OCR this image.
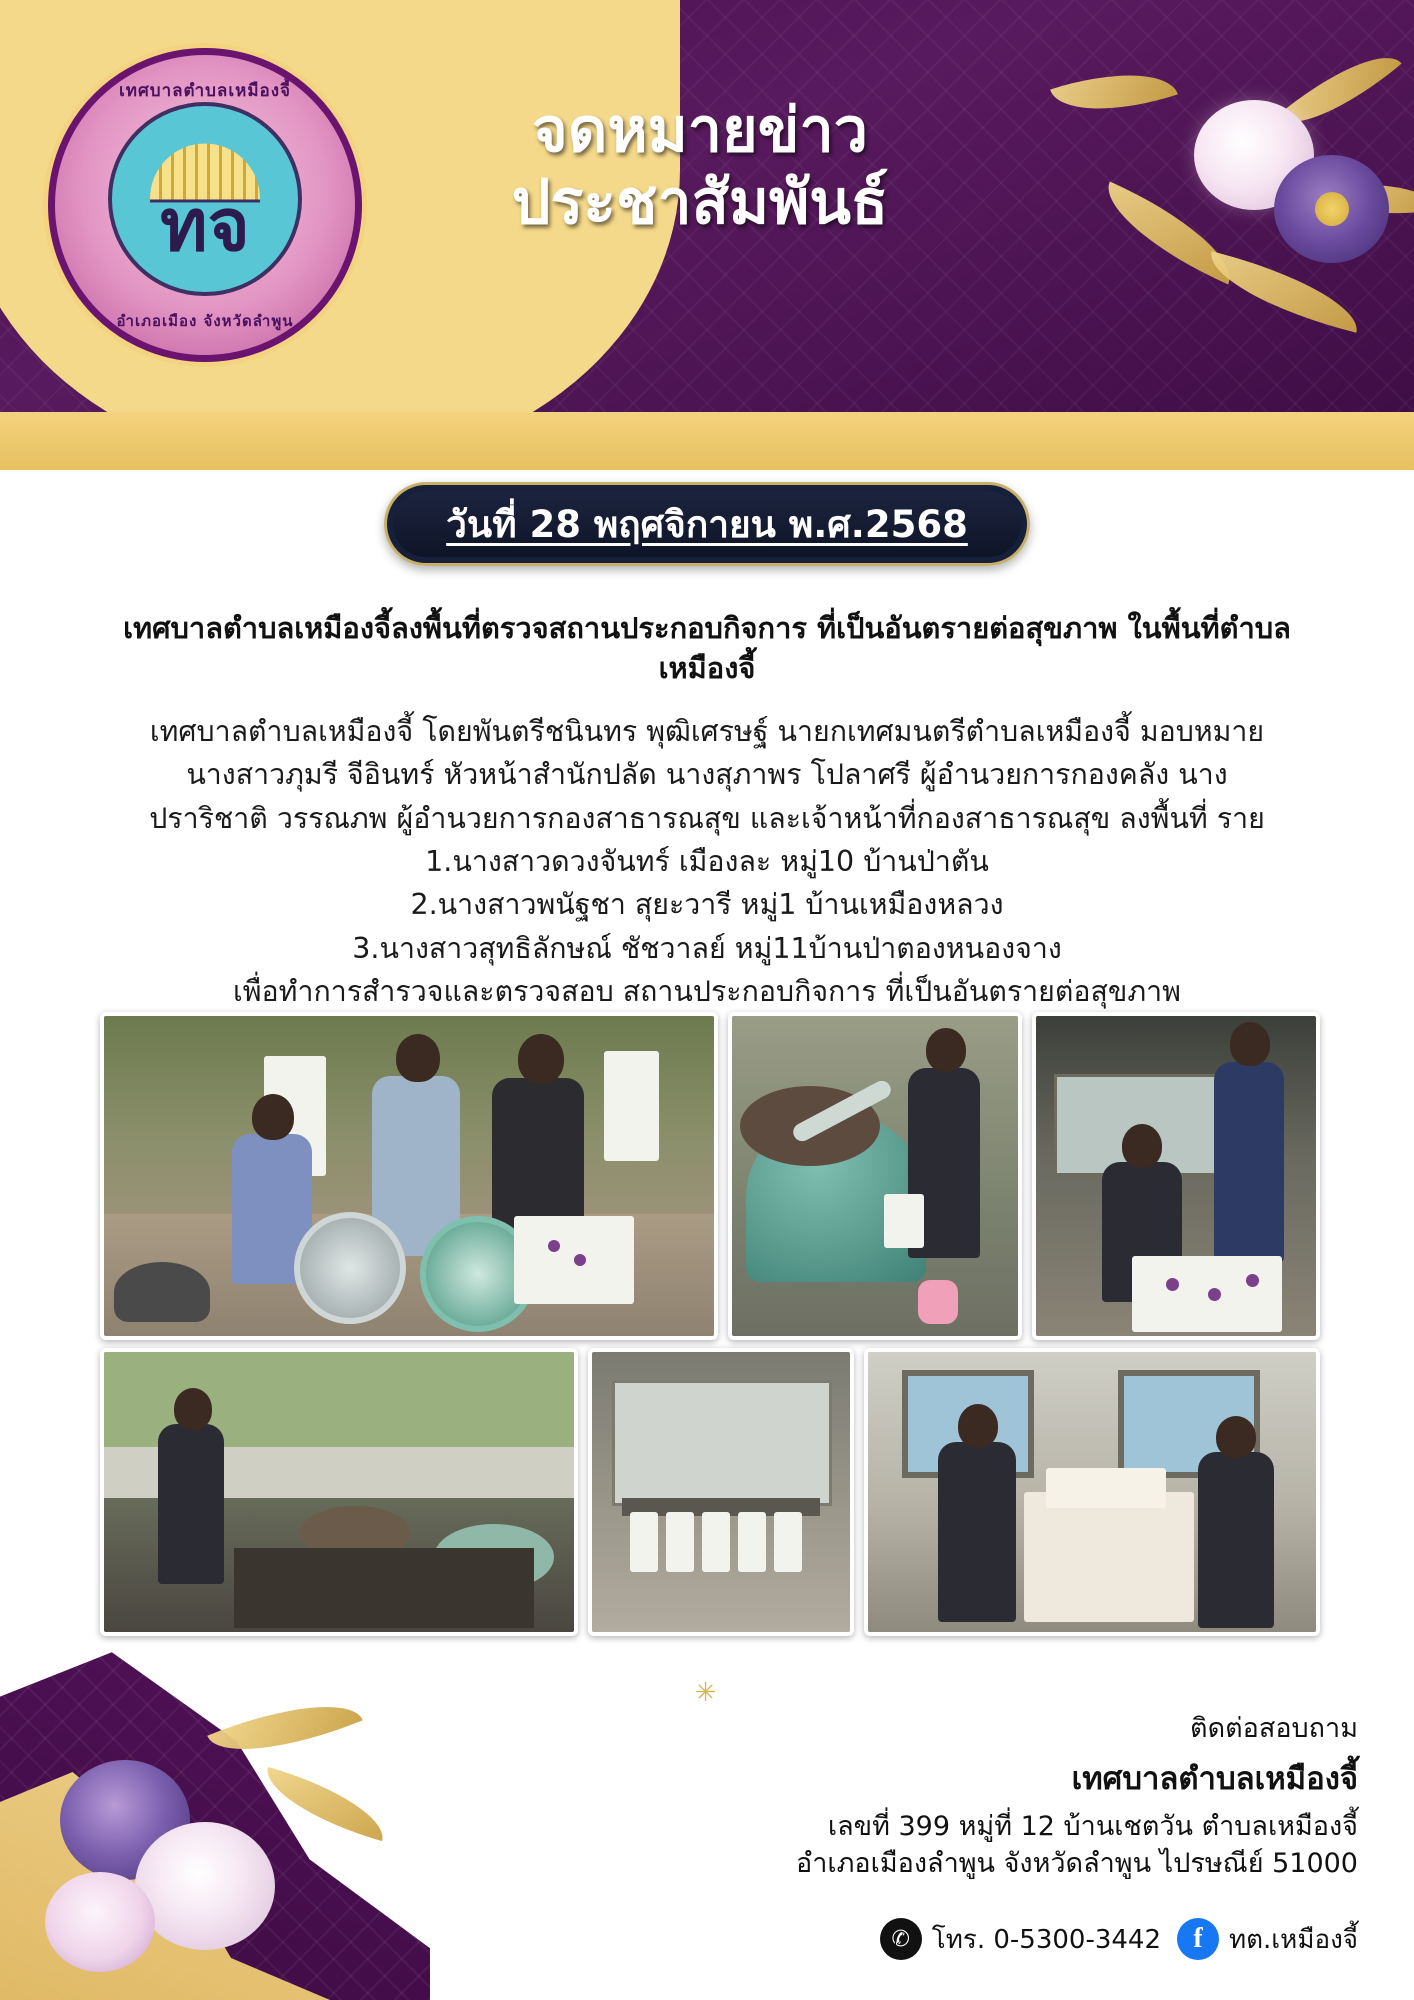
เทศบาลตำบลเหมืองจี้
ทจ
อำเภอเมือง จังหวัดลำพูน
จดหมายข่าว
ประชาสัมพันธ์
วันที่ 28 พฤศจิกายน พ.ศ.2568
เทศบาลตำบลเหมืองจี้ลงพื้นที่ตรวจสถานประกอบกิจการ ที่เป็นอันตรายต่อสุขภาพ ในพื้นที่ตำบลเหมืองจี้

เทศบาลตำบลเหมืองจี้ โดยพันตรีชนินทร พุฒิเศรษฐ์ นายกเทศมนตรีตำบลเหมืองจี้ มอบหมาย

นางสาวภุมรี จีอินทร์ หัวหน้าสำนักปลัด นางสุภาพร โปลาศรี ผู้อำนวยการกองคลัง นาง

ปราริชาติ วรรณภพ ผู้อำนวยการกองสาธารณสุข และเจ้าหน้าที่กองสาธารณสุข ลงพื้นที่ ราย

1.นางสาวดวงจันทร์ เมืองละ หมู่10 บ้านป่าตัน

2.นางสาวพนัฐชา สุยะวารี หมู่1 บ้านเหมืองหลวง

3.นางสาวสุทธิลักษณ์ ชัชวาลย์ หมู่11บ้านป่าตองหนองจาง

เพื่อทำการสำรวจและตรวจสอบ สถานประกอบกิจการ ที่เป็นอันตรายต่อสุขภาพ

✳
ติดต่อสอบถาม
เทศบาลตำบลเหมืองจี้
เลขที่ 399 หมู่ที่ 12 บ้านเชตวัน ตำบลเหมืองจี้
อำเภอเมืองลำพูน จังหวัดลำพูน ไปรษณีย์ 51000
✆ โทร. 0-5300-3442	f	ทต.เหมืองจี้
